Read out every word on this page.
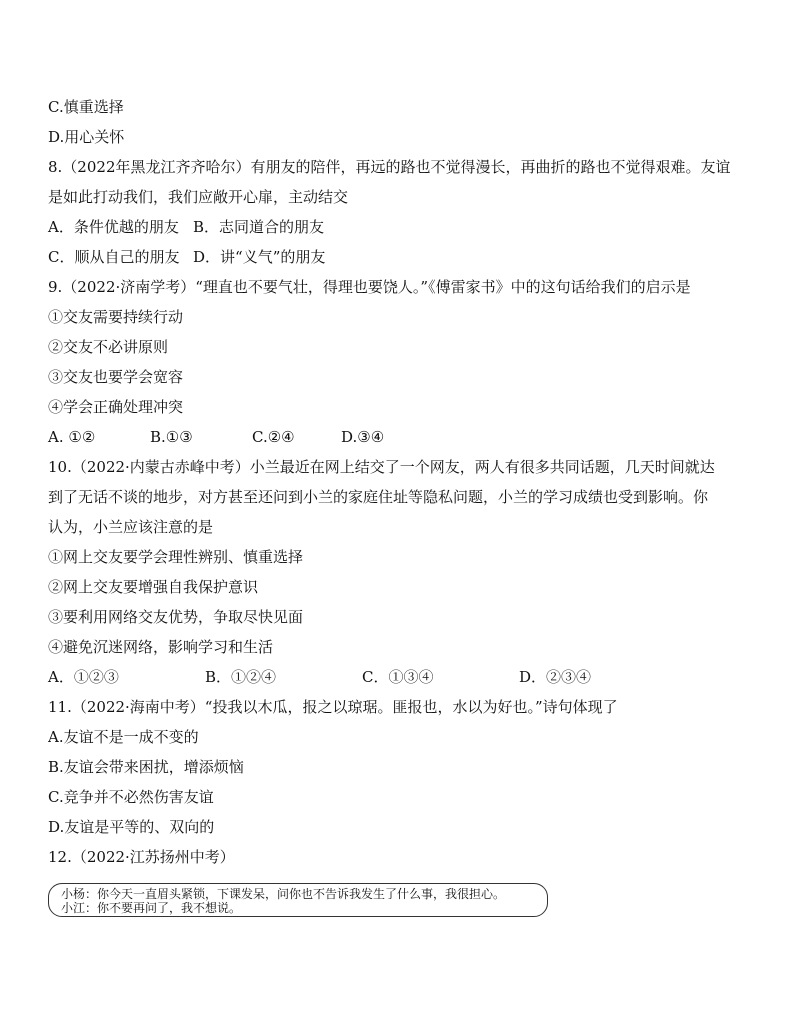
C.慎重选择
D.用心关怀
8.（2022年黑龙江齐齐哈尔）有朋友的陪伴，再远的路也不觉得漫长，再曲折的路也不觉得艰难。友谊
是如此打动我们，我们应敞开心扉，主动结交
A．条件优越的朋友 B．志同道合的朋友
C．顺从自己的朋友 D．讲“义气”的朋友
9.（2022·济南学考）“理直也不要气壮，得理也要饶人。”《傅雷家书》中的这句话给我们的启示是
①交友需要持续行动
②交友不必讲原则
③交友也要学会宽容
④学会正确处理冲突
A. ①②	B.①③	C.②④	D.③④
10.（2022·内蒙古赤峰中考）小兰最近在网上结交了一个网友，两人有很多共同话题，几天时间就达
到了无话不谈的地步，对方甚至还问到小兰的家庭住址等隐私问题，小兰的学习成绩也受到影响。你
认为，小兰应该注意的是
①网上交友要学会理性辨别、慎重选择
②网上交友要增强自我保护意识
③要利用网络交友优势，争取尽快见面
④避免沉迷网络，影响学习和生活
A．①②③	B．①②④	C．①③④	D．②③④
11.（2022·海南中考）“投我以木瓜，报之以琼琚。匪报也，水以为好也。”诗句体现了
A.友谊不是一成不变的
B.友谊会带来困扰，增添烦恼
C.竞争并不必然伤害友谊
D.友谊是平等的、双向的
12.（2022·江苏扬州中考）
小杨：你今天一直眉头紧锁，下课发呆，问你也不告诉我发生了什么事，我很担心。
小江：你不要再问了，我不想说。
